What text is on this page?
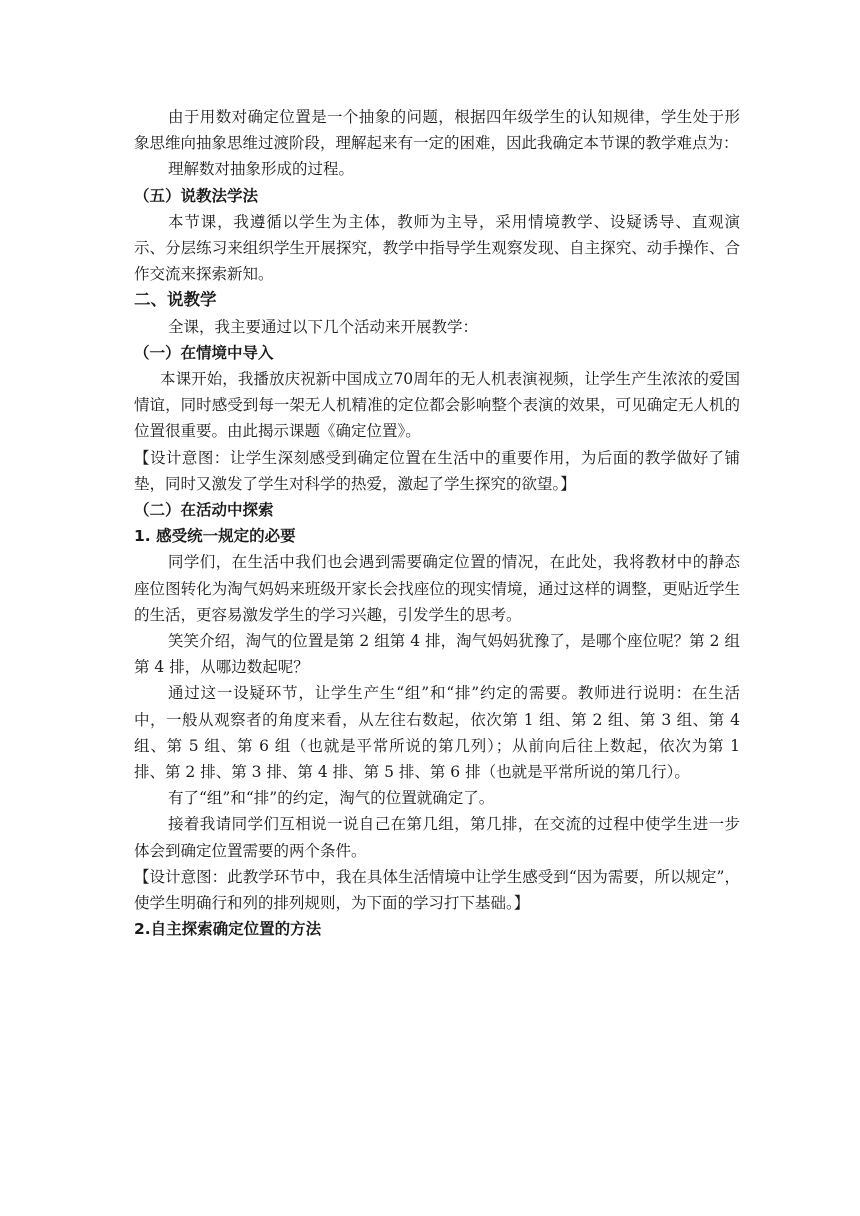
由于用数对确定位置是一个抽象的问题，根据四年级学生的认知规律，学生处于形象思维向抽象思维过渡阶段，理解起来有一定的困难，因此我确定本节课的教学难点为：

理解数对抽象形成的过程。

（五）说教法学法

本节课，我遵循以学生为主体，教师为主导，采用情境教学、设疑诱导、直观演示、分层练习来组织学生开展探究，教学中指导学生观察发现、自主探究、动手操作、合作交流来探索新知。

二、说教学

全课，我主要通过以下几个活动来开展教学：

（一）在情境中导入

本课开始，我播放庆祝新中国成立70周年的无人机表演视频，让学生产生浓浓的爱国情谊，同时感受到每一架无人机精准的定位都会影响整个表演的效果，可见确定无人机的位置很重要。由此揭示课题《确定位置》。

【设计意图：让学生深刻感受到确定位置在生活中的重要作用，为后面的教学做好了铺垫，同时又激发了学生对科学的热爱，激起了学生探究的欲望。】

（二）在活动中探索

1. 感受统一规定的必要

同学们，在生活中我们也会遇到需要确定位置的情况，在此处，我将教材中的静态座位图转化为淘气妈妈来班级开家长会找座位的现实情境，通过这样的调整，更贴近学生的生活，更容易激发学生的学习兴趣，引发学生的思考。

笑笑介绍，淘气的位置是第 2 组第 4 排，淘气妈妈犹豫了，是哪个座位呢？第 2 组第 4 排，从哪边数起呢？

通过这一设疑环节，让学生产生“组”和“排”约定的需要。教师进行说明：在生活中，一般从观察者的角度来看，从左往右数起，依次第 1 组、第 2 组、第 3 组、第 4 组、第 5 组、第 6 组（也就是平常所说的第几列）；从前向后往上数起，依次为第 1 排、第 2 排、第 3 排、第 4 排、第 5 排、第 6 排（也就是平常所说的第几行）。

有了“组”和“排”的约定，淘气的位置就确定了。

接着我请同学们互相说一说自己在第几组，第几排，在交流的过程中使学生进一步体会到确定位置需要的两个条件。

【设计意图：此教学环节中，我在具体生活情境中让学生感受到“因为需要，所以规定”，使学生明确行和列的排列规则，为下面的学习打下基础。】

2.自主探索确定位置的方法
